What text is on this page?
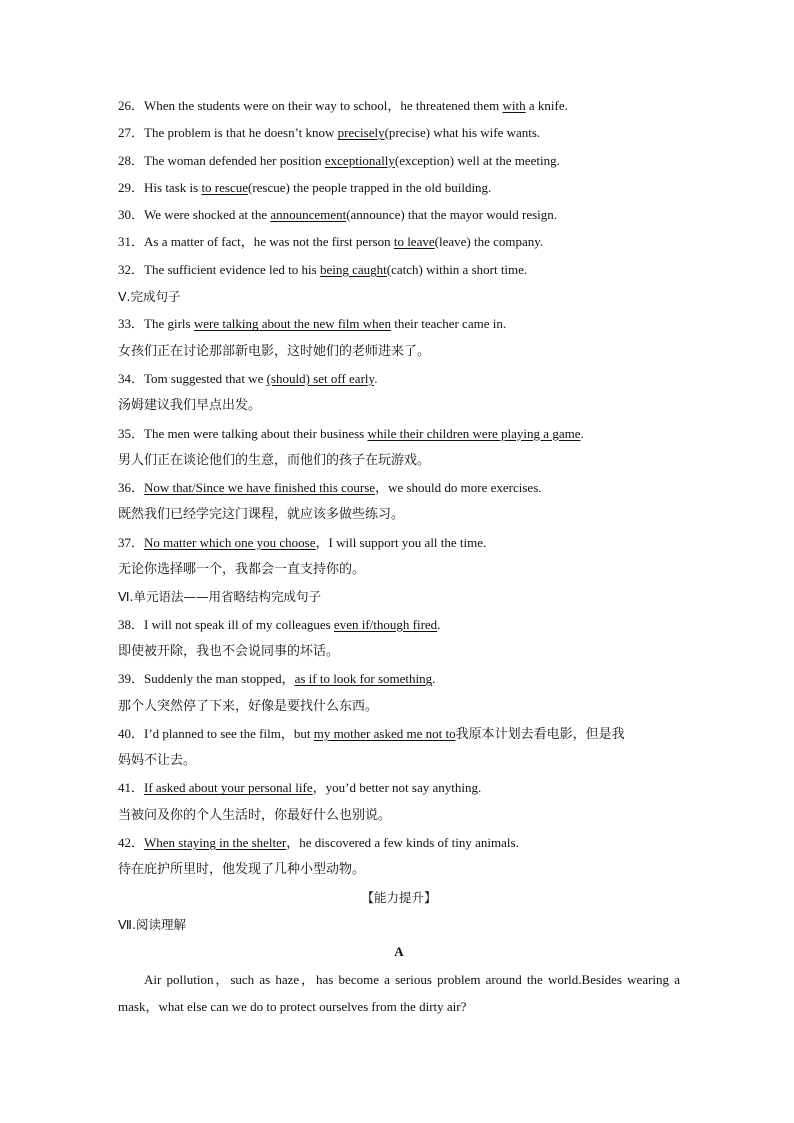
26．When the students were on their way to school，he threatened them with a knife.
27．The problem is that he doesn’t know precisely(precise) what his wife wants.
28．The woman defended her position exceptionally(exception) well at the meeting.
29．His task is to rescue(rescue) the people trapped in the old building.
30．We were shocked at the announcement(announce) that the mayor would resign.
31．As a matter of fact，he was not the first person to leave(leave) the company.
32．The sufficient evidence led to his being caught(catch) within a short time.
Ⅴ.完成句子
33．The girls were talking about the new film when their teacher came in.
女孩们正在讨论那部新电影，这时她们的老师进来了。
34．Tom suggested that we (should) set off early.
汤姆建议我们早点出发。
35．The men were talking about their business while their children were playing a game.
男人们正在谈论他们的生意，而他们的孩子在玩游戏。
36．Now that/Since we have finished this course，we should do more exercises.
既然我们已经学完这门课程，就应该多做些练习。
37．No matter which one you choose，I will support you all the time.
无论你选择哪一个，我都会一直支持你的。
Ⅵ.单元语法——用省略结构完成句子
38．I will not speak ill of my colleagues even if/though fired.
即使被开除，我也不会说同事的坏话。
39．Suddenly the man stopped，as if to look for something.
那个人突然停了下来，好像是要找什么东西。
40．I’d planned to see the film，but my mother asked me not to我原本计划去看电影，但是我
妈妈不让去。
41．If asked about your personal life，you’d better not say anything.
当被问及你的个人生活时，你最好什么也别说。
42．When staying in the shelter，he discovered a few kinds of tiny animals.
待在庇护所里时，他发现了几种小型动物。
【能力提升】
Ⅶ.阅读理解
A
Air pollution，such as haze，has become a serious problem around the world.Besides wearing a mask，what else can we do to protect ourselves from the dirty air?
